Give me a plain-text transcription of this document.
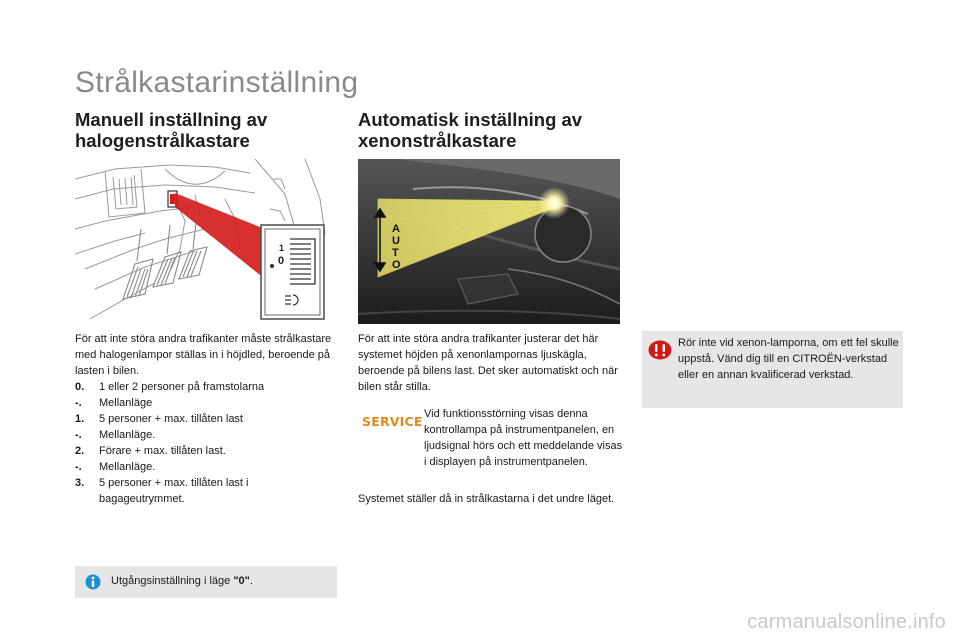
Strålkastarinställning
Manuell inställning av
halogenstrålkastare
Automatisk inställning av
xenonstrålkastare
0
1
A
U
T
O

För att inte störa andra trafikanter måste strålkastare med halogenlampor ställas in i höjdled, beroende på lasten i bilen.

0.	1 eller 2 personer på framstolarna
-.	Mellanläge
1.	5 personer + max. tillåten last
-.	Mellanläge.
2.	Förare + max. tillåten last.
-.	Mellanläge.
3.	5 personer + max. tillåten last i bagageutrymmet.
Utgångsinställning i läge "0".

För att inte störa andra trafikanter justerar det här systemet höjden på xenonlampornas ljuskägla, beroende på bilens last. Det sker automatiskt och när bilen står stilla.

SERVICE Vid funktionsstörning visas denna kontrollampa på instrumentpanelen, en ljudsignal hörs och ett meddelande visas i displayen på instrumentpanelen.

Systemet ställer då in strålkastarna i det undre läget.

Rör inte vid xenon-lamporna, om ett fel skulle uppstå. Vänd dig till en CITROËN-verkstad eller en annan kvalificerad verkstad.

carmanualsonline.info
